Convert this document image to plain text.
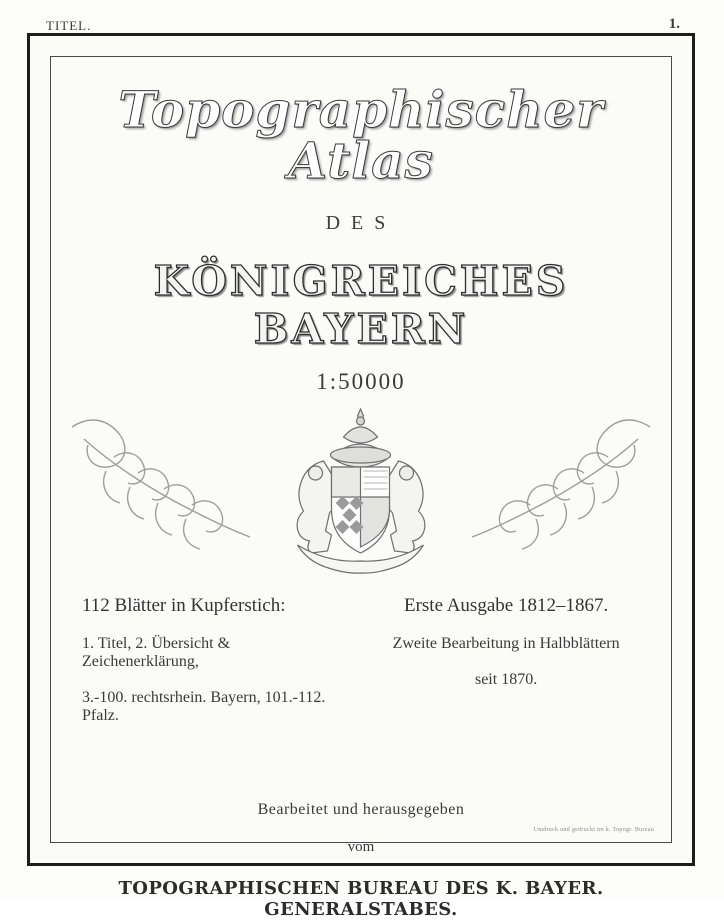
TITEL.	1.
Topographischer Atlas
DES
KÖNIGREICHES BAYERN
1:50000
112 Blätter in Kupferstich:
1. Titel, 2. Übersicht & Zeichenerklärung,
3.-100. rechtsrhein. Bayern, 101.-112. Pfalz.
Erste Ausgabe 1812–1867.
Zweite Bearbeitung in Halbblättern
seit 1870.
Bearbeitet und herausgegeben
vom
TOPOGRAPHISCHEN BUREAU DES K. BAYER. GENERALSTABES.
Umdruck und gedruckt im k. Topogr. Bureau
